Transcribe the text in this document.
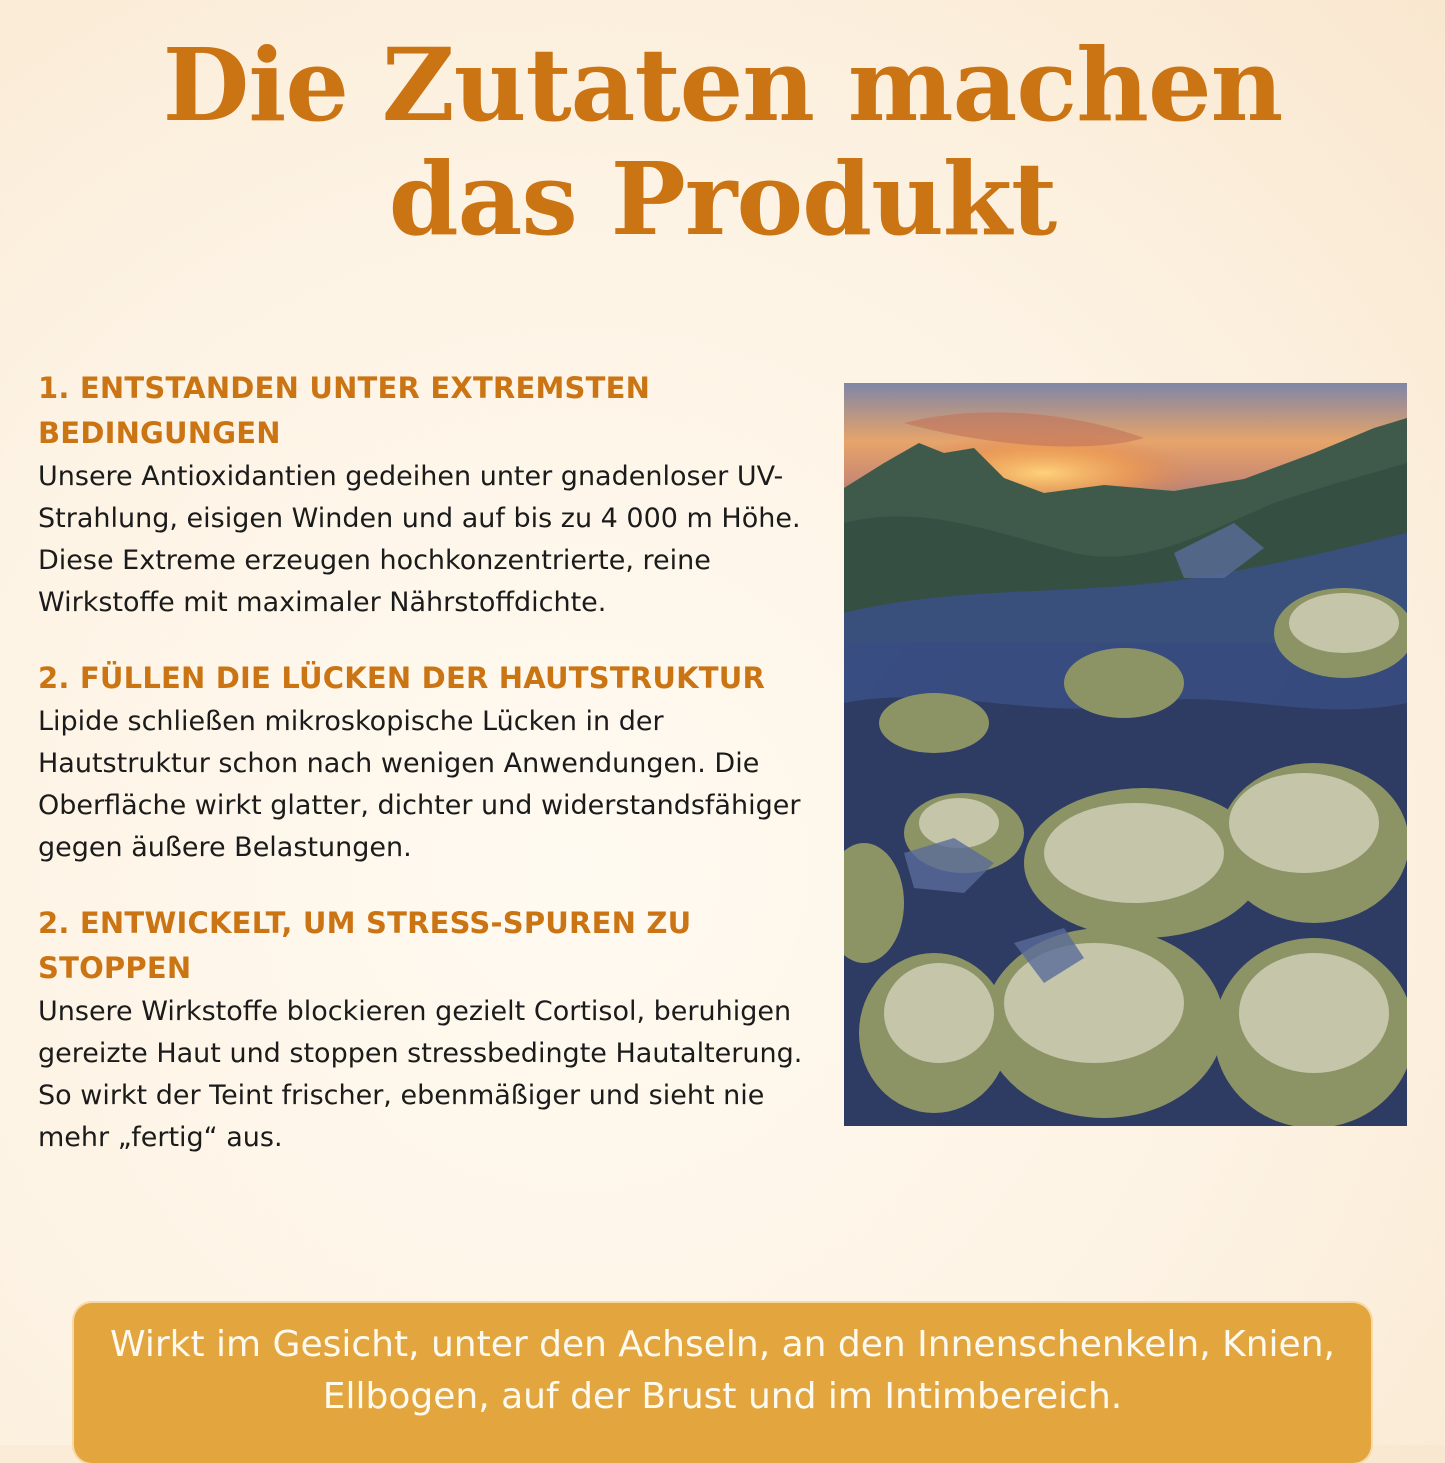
Die Zutaten machen
das Produkt
1. ENTSTANDEN UNTER EXTREMSTEN BEDINGUNGEN

Unsere Antioxidantien gedeihen unter gnadenloser UV-Strahlung, eisigen Winden und auf bis zu 4 000 m Höhe.
Diese Extreme erzeugen hochkonzentrierte, reine Wirkstoffe mit maximaler Nährstoffdichte.

2. FÜLLEN DIE LÜCKEN DER HAUTSTRUKTUR

Lipide schließen mikroskopische Lücken in der Hautstruktur schon nach wenigen Anwendungen. Die Oberfläche wirkt glatter, dichter und widerstandsfähiger gegen äußere Belastungen.

2. ENTWICKELT, UM STRESS-SPUREN ZU STOPPEN

Unsere Wirkstoffe blockieren gezielt Cortisol, beruhigen gereizte Haut und stoppen stressbedingte Hautalterung. So wirkt der Teint frischer, ebenmäßiger und sieht nie mehr „fertig“ aus.

Wirkt im Gesicht, unter den Achseln, an den Innenschenkeln, Knien, Ellbogen, auf der Brust und im Intimbereich.
